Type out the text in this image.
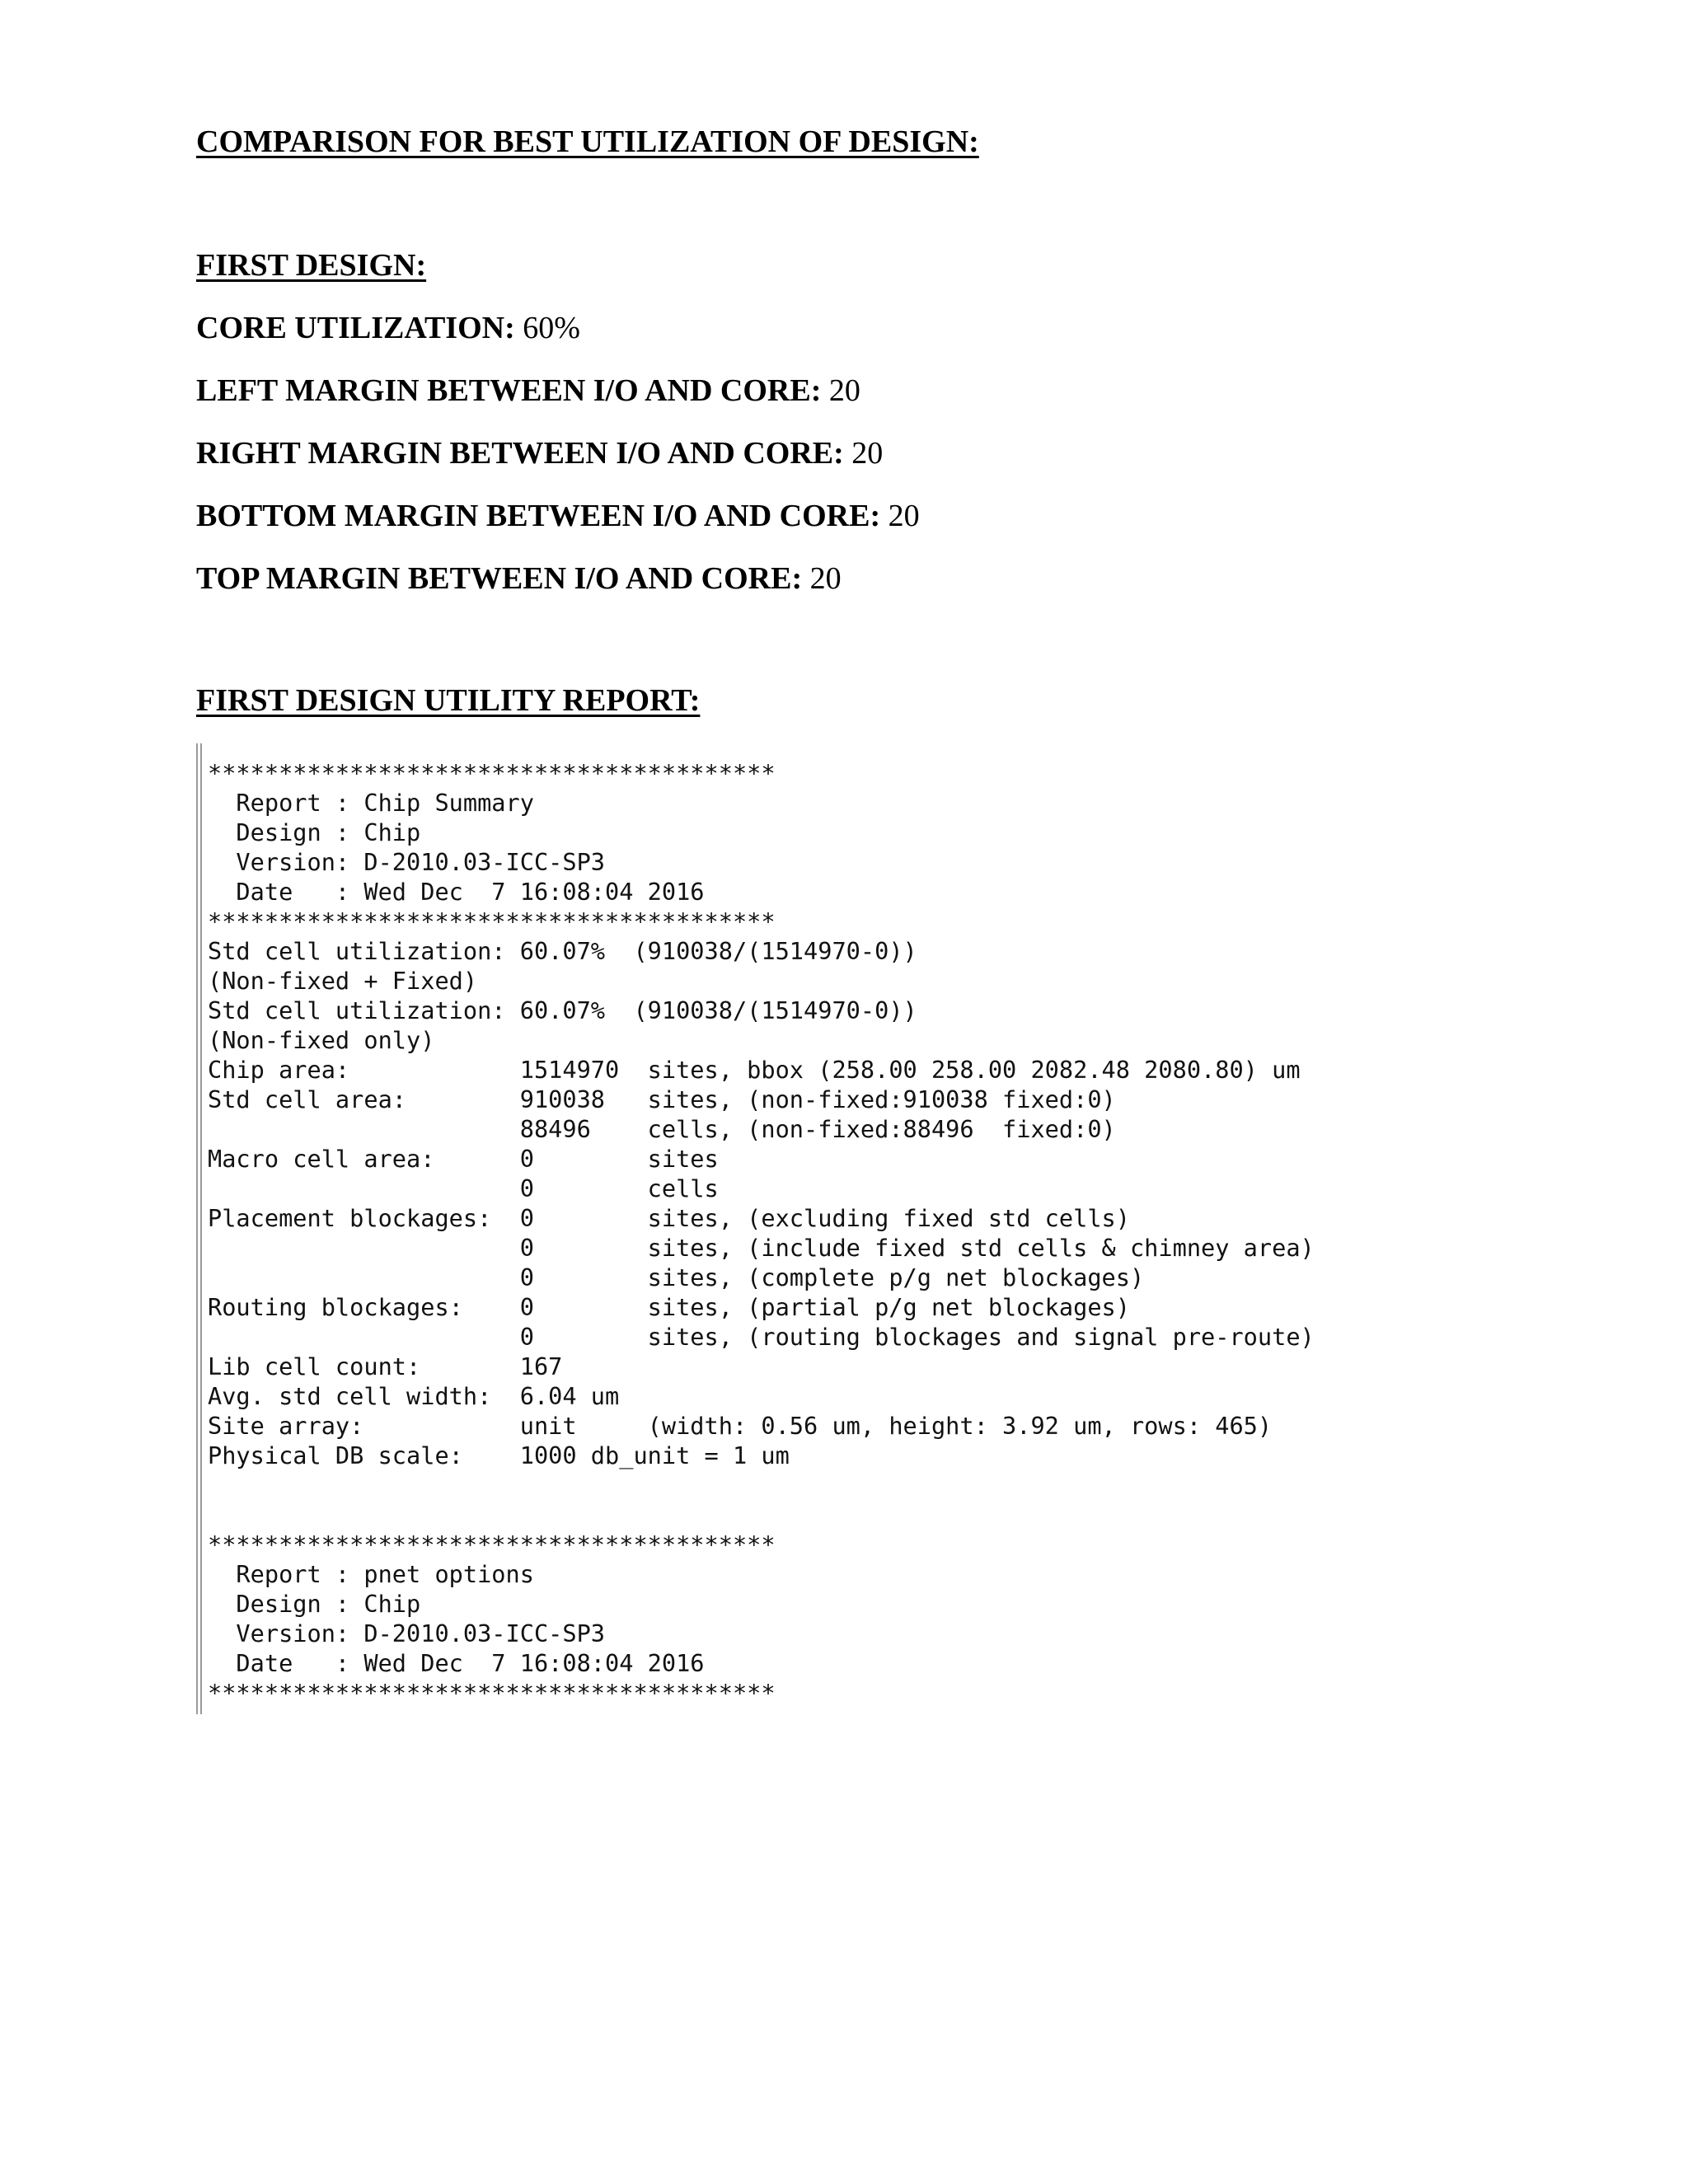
COMPARISON FOR BEST UTILIZATION OF DESIGN:
FIRST DESIGN:

CORE UTILIZATION: 60%

LEFT MARGIN BETWEEN I/O AND CORE: 20

RIGHT MARGIN BETWEEN I/O AND CORE: 20

BOTTOM MARGIN BETWEEN I/O AND CORE: 20

TOP MARGIN BETWEEN I/O AND CORE: 20

FIRST DESIGN UTILITY REPORT:
****************************************
Report : Chip Summary
Design : Chip
Version: D-2010.03-ICC-SP3
Date   : Wed Dec  7 16:08:04 2016
****************************************
Std cell utilization: 60.07%  (910038/(1514970-0))
(Non-fixed + Fixed)
Std cell utilization: 60.07%  (910038/(1514970-0))
(Non-fixed only)
Chip area:            1514970  sites, bbox (258.00 258.00 2082.48 2080.80) um
Std cell area:        910038   sites, (non-fixed:910038 fixed:0)
88496    cells, (non-fixed:88496  fixed:0)
Macro cell area:      0        sites
0        cells
Placement blockages:  0        sites, (excluding fixed std cells)
0        sites, (include fixed std cells & chimney area)
0        sites, (complete p/g net blockages)
Routing blockages:    0        sites, (partial p/g net blockages)
0        sites, (routing blockages and signal pre-route)
Lib cell count:       167
Avg. std cell width:  6.04 um
Site array:           unit     (width: 0.56 um, height: 3.92 um, rows: 465)
Physical DB scale:    1000 db_unit = 1 um
****************************************
Report : pnet options
Design : Chip
Version: D-2010.03-ICC-SP3
Date   : Wed Dec  7 16:08:04 2016
****************************************
